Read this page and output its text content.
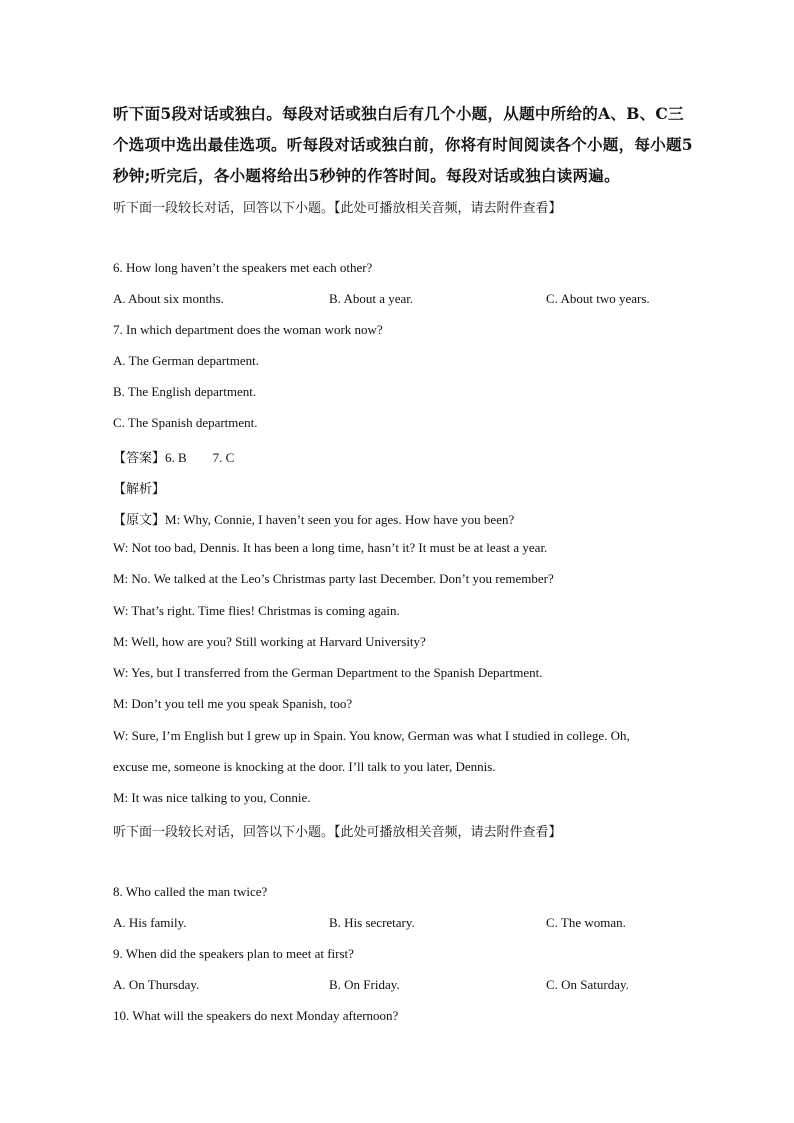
听下面5段对话或独白。每段对话或独白后有几个小题，从题中所给的A、B、C三个选项中选出最佳选项。听每段对话或独白前，你将有时间阅读各个小题，每小题5秒钟;听完后，各小题将给出5秒钟的作答时间。每段对话或独白读两遍。
听下面一段较长对话，回答以下小题。【此处可播放相关音频，请去附件查看】
6. How long haven’t the speakers met each other?
A. About six months.	B. About a year.	C. About two years.
7. In which department does the woman work now?
A. The German department.
B. The English department.
C. The Spanish department.
【答案】6. B        7. C
【解析】
【原文】M: Why, Connie, I haven’t seen you for ages. How have you been?
W: Not too bad, Dennis. It has been a long time, hasn’t it? It must be at least a year.
M: No. We talked at the Leo’s Christmas party last December. Don’t you remember?
W: That’s right. Time flies! Christmas is coming again.
M: Well, how are you? Still working at Harvard University?
W: Yes, but I transferred from the German Department to the Spanish Department.
M: Don’t you tell me you speak Spanish, too?
W: Sure, I’m English but I grew up in Spain. You know, German was what I studied in college. Oh,
excuse me, someone is knocking at the door. I’ll talk to you later, Dennis.
M: It was nice talking to you, Connie.
听下面一段较长对话，回答以下小题。【此处可播放相关音频，请去附件查看】
8. Who called the man twice?
A. His family.	B. His secretary.	C. The woman.
9. When did the speakers plan to meet at first?
A. On Thursday.	B. On Friday.	C. On Saturday.
10. What will the speakers do next Monday afternoon?
